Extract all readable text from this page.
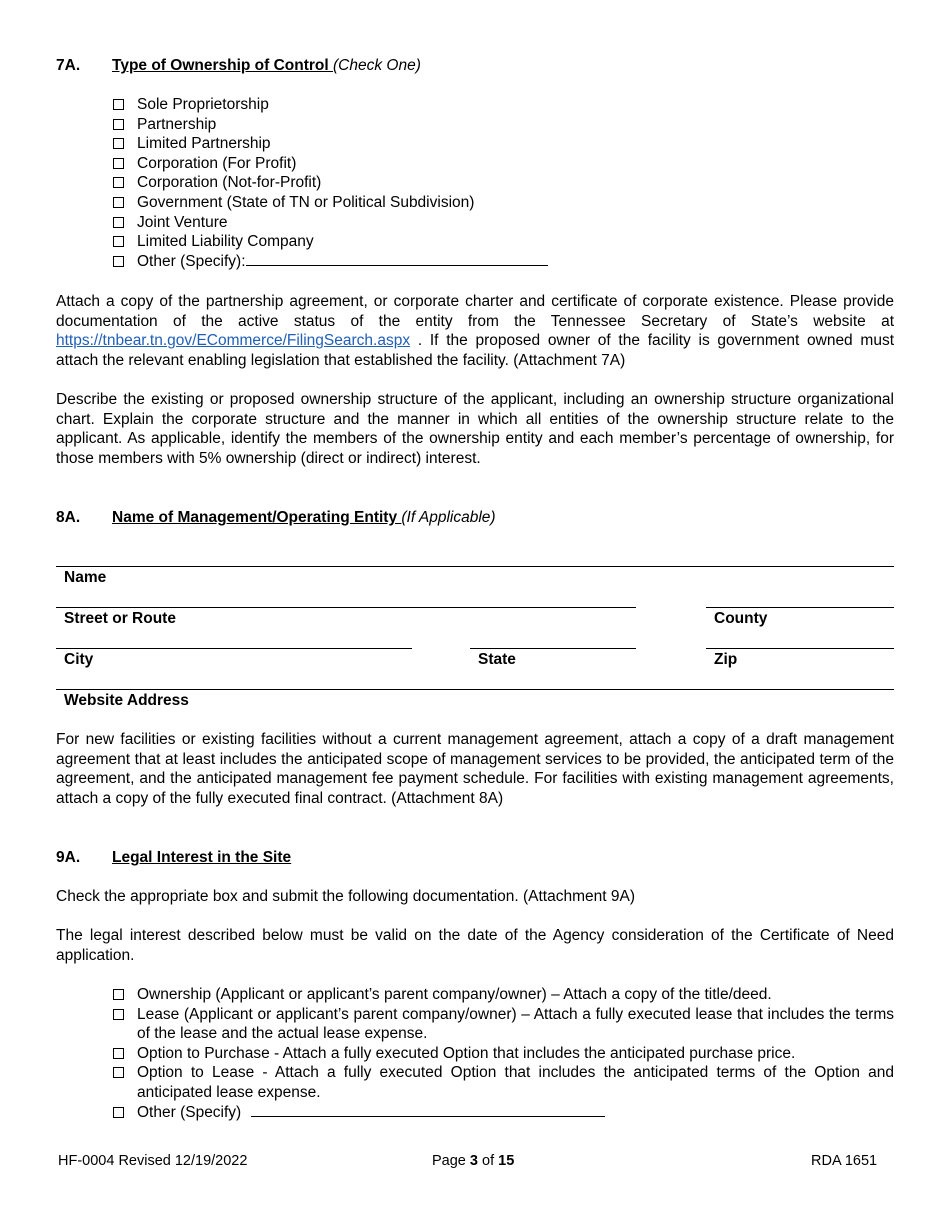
7A. Type of Ownership of Control (Check One)
Sole Proprietorship
Partnership
Limited Partnership
Corporation (For Profit)
Corporation (Not-for-Profit)
Government (State of TN or Political Subdivision)
Joint Venture
Limited Liability Company
Other (Specify):

Attach a copy of the partnership agreement, or corporate charter and certificate of corporate existence. Please provide documentation of the active status of the entity from the Tennessee Secretary of State’s website at https://tnbear.tn.gov/ECommerce/FilingSearch.aspx . If the proposed owner of the facility is government owned must attach the relevant enabling legislation that established the facility. (Attachment 7A)

Describe the existing or proposed ownership structure of the applicant, including an ownership structure organizational chart. Explain the corporate structure and the manner in which all entities of the ownership structure relate to the applicant. As applicable, identify the members of the ownership entity and each member’s percentage of ownership, for those members with 5% ownership (direct or indirect) interest.

8A. Name of Management/Operating Entity (If Applicable)
Name
Street or Route	County
City	State	Zip
Website Address

For new facilities or existing facilities without a current management agreement, attach a copy of a draft management agreement that at least includes the anticipated scope of management services to be provided, the anticipated term of the agreement, and the anticipated management fee payment schedule. For facilities with existing management agreements, attach a copy of the fully executed final contract. (Attachment 8A)

9A. Legal Interest in the Site

Check the appropriate box and submit the following documentation. (Attachment 9A)

The legal interest described below must be valid on the date of the Agency consideration of the Certificate of Need application.

Ownership (Applicant or applicant’s parent company/owner) – Attach a copy of the title/deed.
Lease (Applicant or applicant’s parent company/owner) – Attach a fully executed lease that includes the terms of the lease and the actual lease expense.
Option to Purchase - Attach a fully executed Option that includes the anticipated purchase price.
Option to Lease - Attach a fully executed Option that includes the anticipated terms of the Option and anticipated lease expense.
Other (Specify)
HF-0004 Revised 12/19/2022	Page 3 of 15	RDA 1651
